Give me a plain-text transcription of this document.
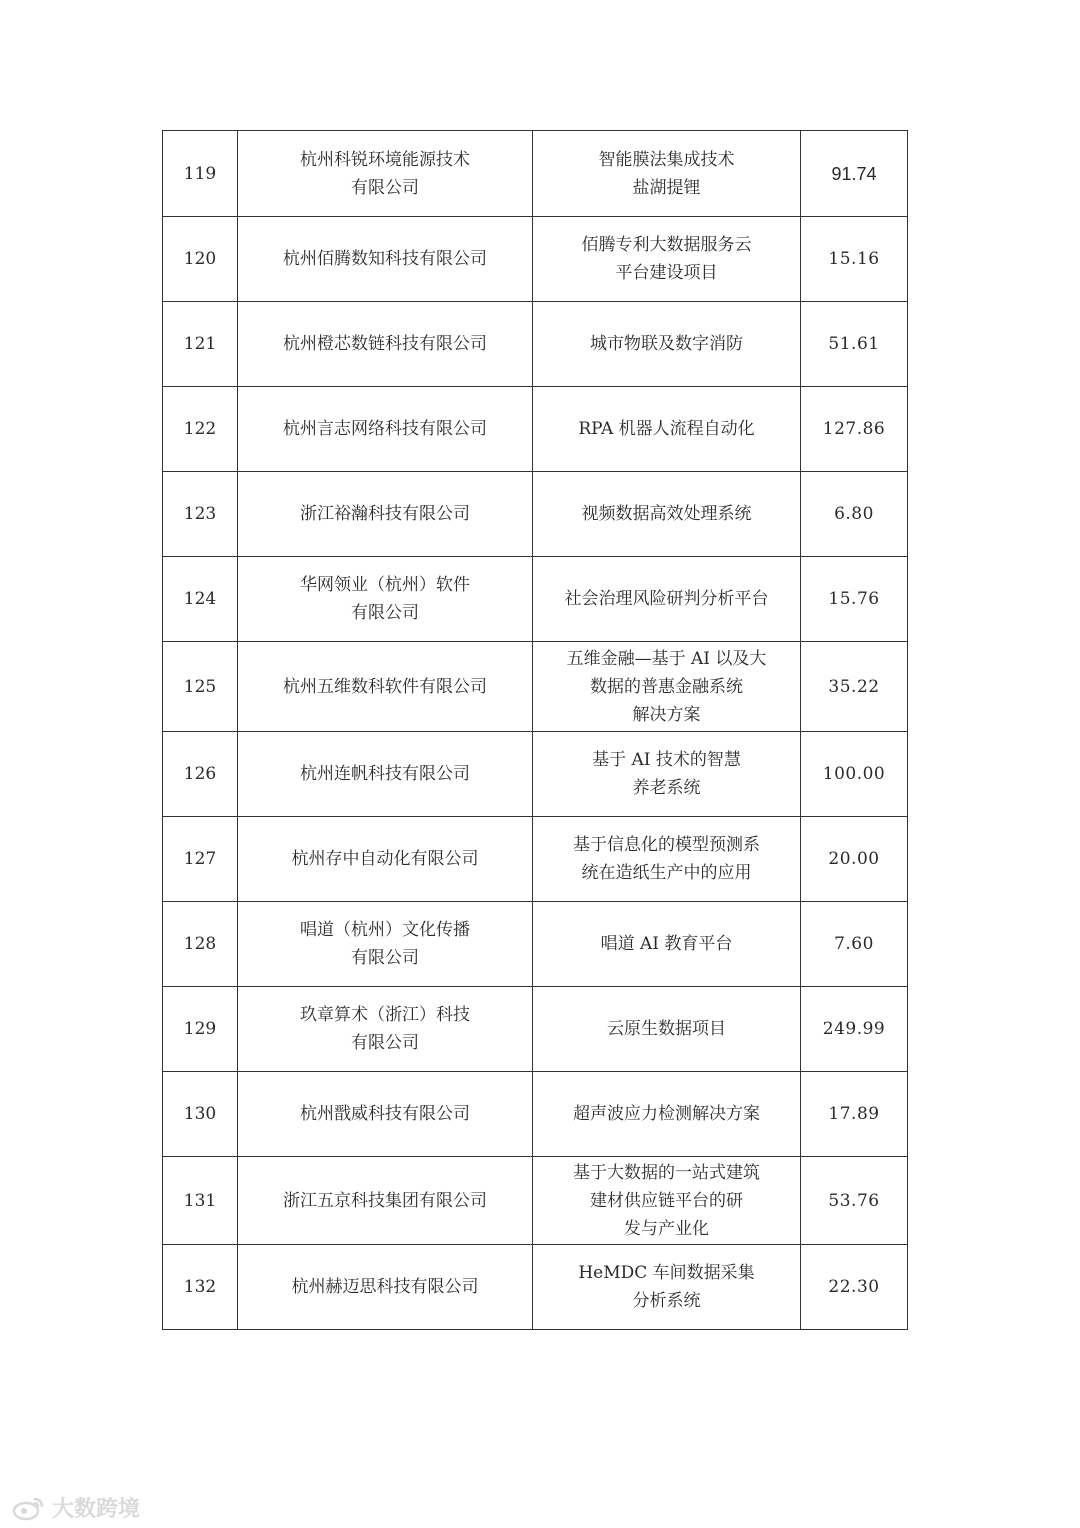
119	杭州科锐环境能源技术
有限公司	智能膜法集成技术
盐湖提锂	91.74
120	杭州佰腾数知科技有限公司	佰腾专利大数据服务云
平台建设项目	15.16
121	杭州橙芯数链科技有限公司	城市物联及数字消防	51.61
122	杭州言志网络科技有限公司	RPA 机器人流程自动化	127.86
123	浙江裕瀚科技有限公司	视频数据高效处理系统	6.80
124	华网领业（杭州）软件
有限公司	社会治理风险研判分析平台	15.76
125	杭州五维数科软件有限公司	五维金融—基于 AI 以及大
数据的普惠金融系统
解决方案	35.22
126	杭州连帆科技有限公司	基于 AI 技术的智慧
养老系统	100.00
127	杭州存中自动化有限公司	基于信息化的模型预测系
统在造纸生产中的应用	20.00
128	唱道（杭州）文化传播
有限公司	唱道 AI 教育平台	7.60
129	玖章算术（浙江）科技
有限公司	云原生数据项目	249.99
130	杭州戬威科技有限公司	超声波应力检测解决方案	17.89
131	浙江五京科技集团有限公司	基于大数据的一站式建筑
建材供应链平台的研
发与产业化	53.76
132	杭州赫迈思科技有限公司	HeMDC 车间数据采集
分析系统	22.30
大数跨境
